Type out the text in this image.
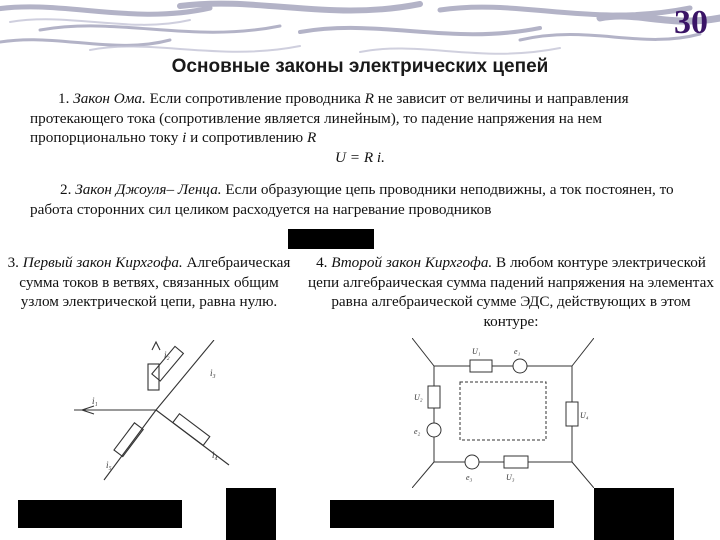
30
Основные законы электрических цепей

1. Закон Ома. Если сопротивление проводника R не зависит от величины и направления протекающего тока (сопротивление является линейным), то падение напряжения на нем пропорционально току i и сопротивлению R
U = R i.

2. Закон Джоуля– Ленца. Если образующие цепь проводники неподвижны, а ток постоянен, то работа сторонних сил целиком расходуется на нагревание проводников

3. Первый закон Кирхгофа. Алгебраическая сумма токов в ветвях, связанных общим узлом электрической цепи, равна нулю.

4. Второй закон Кирхгофа. В любом контуре электрической цепи алгебраическая сумма падений напряжения на элементах равна алгебраической сумме ЭДС, действующих в этом контуре:

i₁
i₂
i₃
i₄
i₅
U₁
U₂
U₃
U₄
e₁
e₂
e₃
